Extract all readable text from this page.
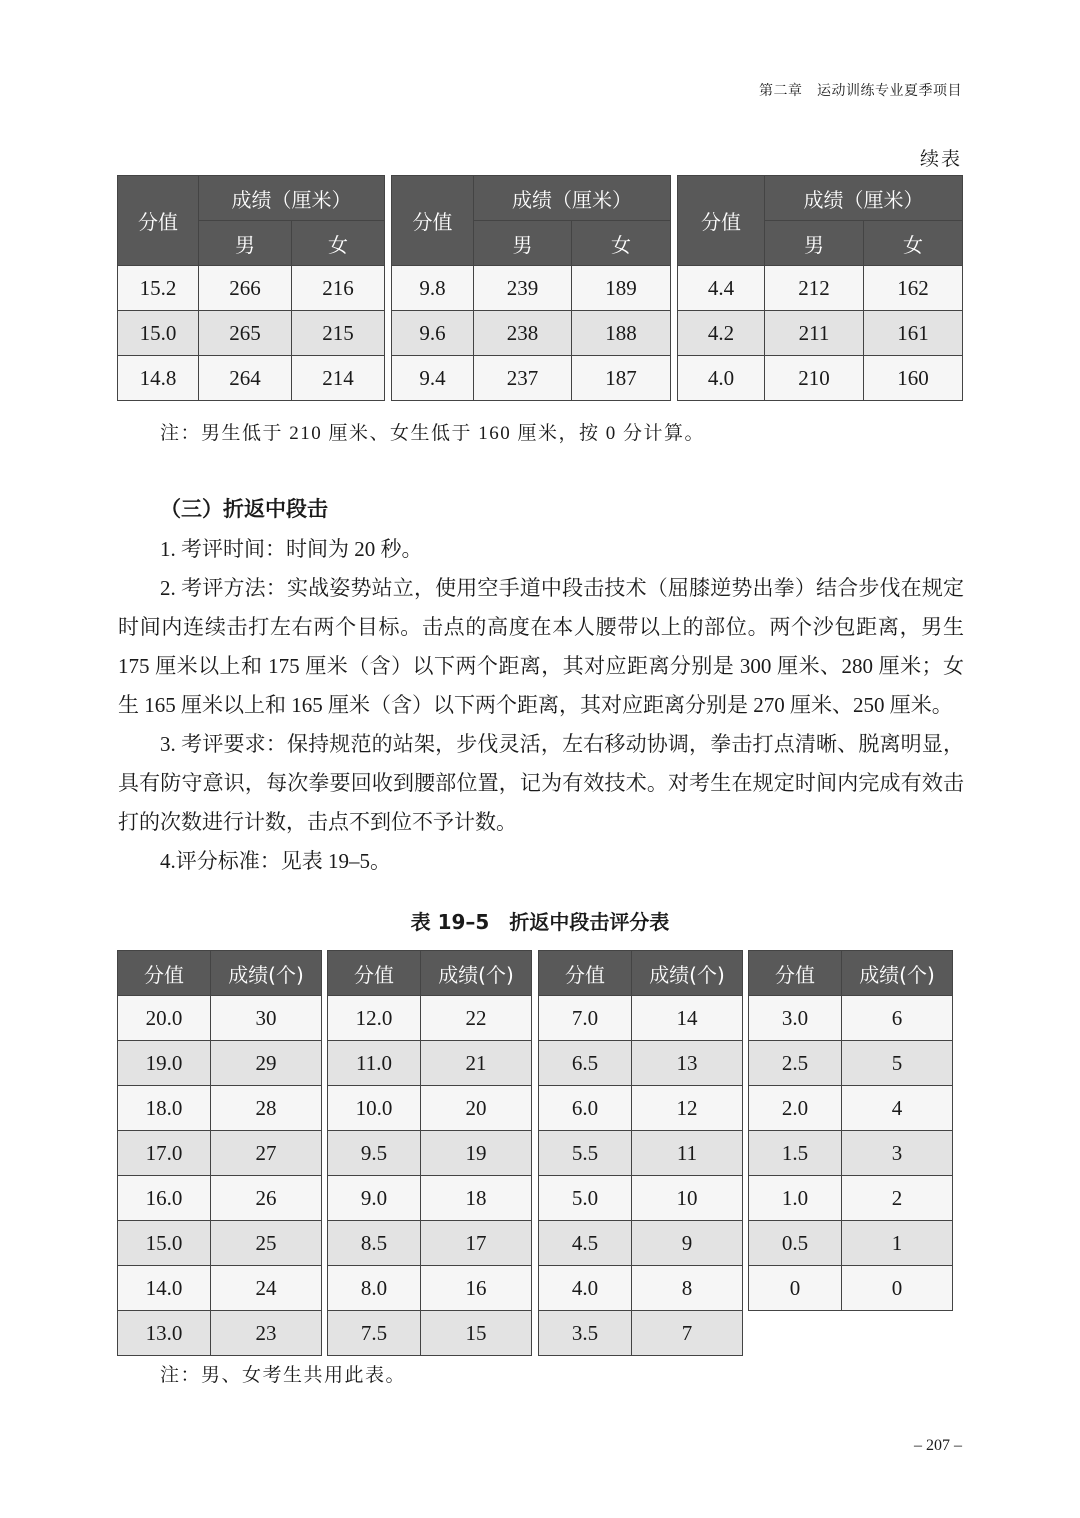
第二章　运动训练专业夏季项目
续表
分值	成绩（厘米）	
	男	女
15.2	266	216
15.0	265	215
14.8	264	214
分值	成绩（厘米）	
	男	女
9.8	239	189
9.6	238	188
9.4	237	187
分值	成绩（厘米）	
	男	女
4.4	212	162
4.2	211	161
4.0	210	160
注：男生低于 210 厘米、女生低于 160 厘米，按 0 分计算。
（三）折返中段击

1. 考评时间：时间为 20 秒。

2. 考评方法：实战姿势站立，使用空手道中段击技术（屈膝逆势出拳）结合步伐在规定时间内连续击打左右两个目标。击点的高度在本人腰带以上的部位。两个沙包距离，男生 175 厘米以上和 175 厘米（含）以下两个距离，其对应距离分别是 300 厘米、280 厘米；女生 165 厘米以上和 165 厘米（含）以下两个距离，其对应距离分别是 270 厘米、250 厘米。

3. 考评要求：保持规范的站架，步伐灵活，左右移动协调，拳击打点清晰、脱离明显，具有防守意识，每次拳要回收到腰部位置，记为有效技术。对考生在规定时间内完成有效击打的次数进行计数，击点不到位不予计数。

4.评分标准：见表 19–5。

表 19–5　折返中段击评分表
分值	成绩(个)
20.0	30
19.0	29
18.0	28
17.0	27
16.0	26
15.0	25
14.0	24
13.0	23
分值	成绩(个)
12.0	22
11.0	21
10.0	20
9.5	19
9.0	18
8.5	17
8.0	16
7.5	15
分值	成绩(个)
7.0	14
6.5	13
6.0	12
5.5	11
5.0	10
4.5	9
4.0	8
3.5	7
分值	成绩(个)
3.0	6
2.5	5
2.0	4
1.5	3
1.0	2
0.5	1
0	0
注：男、女考生共用此表。
– 207 –
